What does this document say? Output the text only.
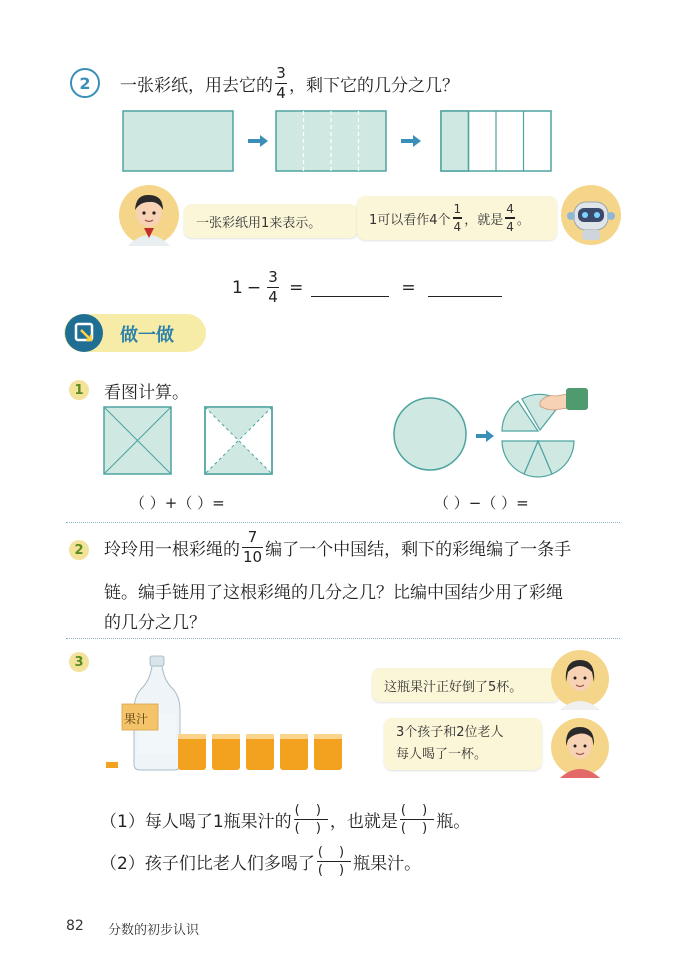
2	一张彩纸，用去它的 $\frac{3}{4}$ ，剩下它的几分之几？
一张彩纸用1来表示。	1可以看作4个 $\frac{1}{4}$ ，就是 $\frac{4}{4}$ 。
$1 - \frac{3}{4}$ =	=
做一做
1	看图计算。
（ ）+（ ）=	（ ）−（ ）=
2	玲玲用一根彩绳的 $\frac{7}{10}$ 编了一个中国结，剩下的彩绳编了一条手
链。编手链用了这根彩绳的几分之几？比编中国结少用了彩绳
的几分之几？
3
果汁
这瓶果汁正好倒了5杯。
3个孩子和2位老人
每人喝了一杯。
（1）每人喝了1瓶果汁的 $\frac{( )}{( )}$ ，也就是 $\frac{( )}{( )}$ 瓶。
（2）孩子们比老人们多喝了 $\frac{( )}{( )}$ 瓶果汁。
82 分数的初步认识
